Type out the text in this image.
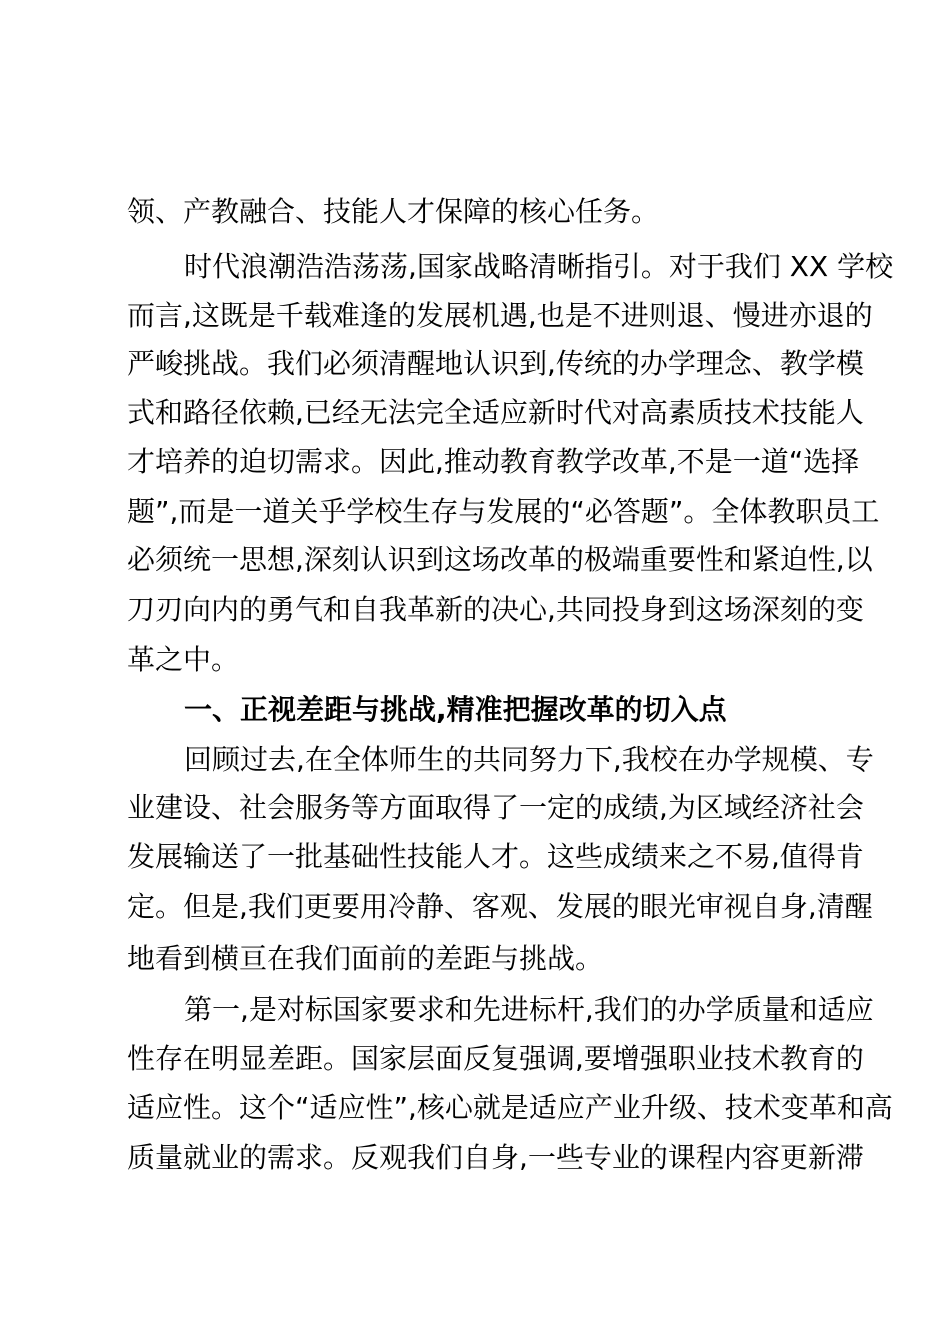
领、产教融合、技能人才保障的核心任务。
时代浪潮浩浩荡荡,国家战略清晰指引。对于我们 XX 学校
而言,这既是千载难逢的发展机遇,也是不进则退、慢进亦退的
严峻挑战。我们必须清醒地认识到,传统的办学理念、教学模
式和路径依赖,已经无法完全适应新时代对高素质技术技能人
才培养的迫切需求。因此,推动教育教学改革,不是一道“选择
题”,而是一道关乎学校生存与发展的“必答题”。全体教职员工
必须统一思想,深刻认识到这场改革的极端重要性和紧迫性,以
刀刃向内的勇气和自我革新的决心,共同投身到这场深刻的变
革之中。
一、正视差距与挑战,精准把握改革的切入点
回顾过去,在全体师生的共同努力下,我校在办学规模、专
业建设、社会服务等方面取得了一定的成绩,为区域经济社会
发展输送了一批基础性技能人才。这些成绩来之不易,值得肯
定。但是,我们更要用冷静、客观、发展的眼光审视自身,清醒
地看到横亘在我们面前的差距与挑战。
第一,是对标国家要求和先进标杆,我们的办学质量和适应
性存在明显差距。国家层面反复强调,要增强职业技术教育的
适应性。这个“适应性”,核心就是适应产业升级、技术变革和高
质量就业的需求。反观我们自身,一些专业的课程内容更新滞
